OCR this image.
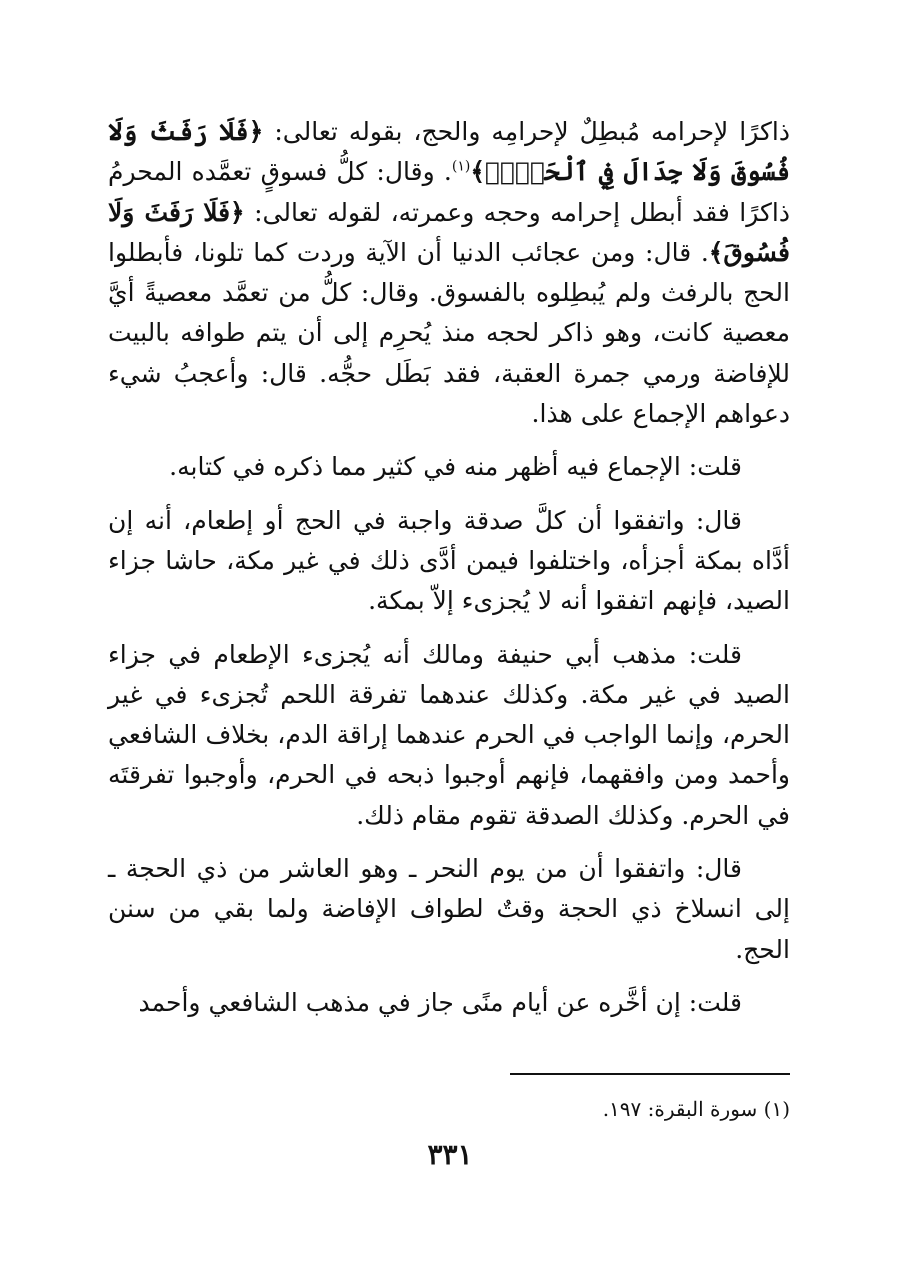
ذاكرًا لإحرامه مُبطِلٌ لإحرامِه والحج، بقوله تعالى: ﴿فَلَا رَفَثَ وَلَا فُسُوقَ وَلَا جِدَالَ فِي ٱلْحَجِّۗ﴾$^{(١)}$. وقال: كلُّ فسوقٍ تعمَّده المحرمُ ذاكرًا فقد أبطل إحرامه وحجه وعمرته، لقوله تعالى: ﴿فَلَا رَفَثَ وَلَا فُسُوقَ﴾. قال: ومن عجائب الدنيا أن الآية وردت كما تلونا، فأبطلوا الحج بالرفث ولم يُبطِلوه بالفسوق. وقال: كلُّ من تعمَّد معصيةً أيَّ معصية كانت، وهو ذاكر لحجه منذ يُحرِم إلى أن يتم طوافه بالبيت للإفاضة ورمي جمرة العقبة، فقد بَطَل حجُّه. قال: وأعجبُ شيء دعواهم الإجماع على هذا.

قلت: الإجماع فيه أظهر منه في كثير مما ذكره في كتابه.

قال: واتفقوا أن كلَّ صدقة واجبة في الحج أو إطعام، أنه إن أدَّاه بمكة أجزأه، واختلفوا فيمن أدَّى ذلك في غير مكة، حاشا جزاء الصيد، فإنهم اتفقوا أنه لا يُجزىء إلاّ بمكة.

قلت: مذهب أبي حنيفة ومالك أنه يُجزىء الإطعام في جزاء الصيد في غير مكة. وكذلك عندهما تفرقة اللحم تُجزىء في غير الحرم، وإنما الواجب في الحرم عندهما إراقة الدم، بخلاف الشافعي وأحمد ومن وافقهما، فإنهم أوجبوا ذبحه في الحرم، وأوجبوا تفرقتَه في الحرم. وكذلك الصدقة تقوم مقام ذلك.

قال: واتفقوا أن من يوم النحر ـ وهو العاشر من ذي الحجة ـ إلى انسلاخ ذي الحجة وقتٌ لطواف الإفاضة ولما بقي من سنن الحج.

قلت: إن أخَّره عن أيام منًى جاز في مذهب الشافعي وأحمد

(١) سورة البقرة: ١٩٧.
٣٣١
